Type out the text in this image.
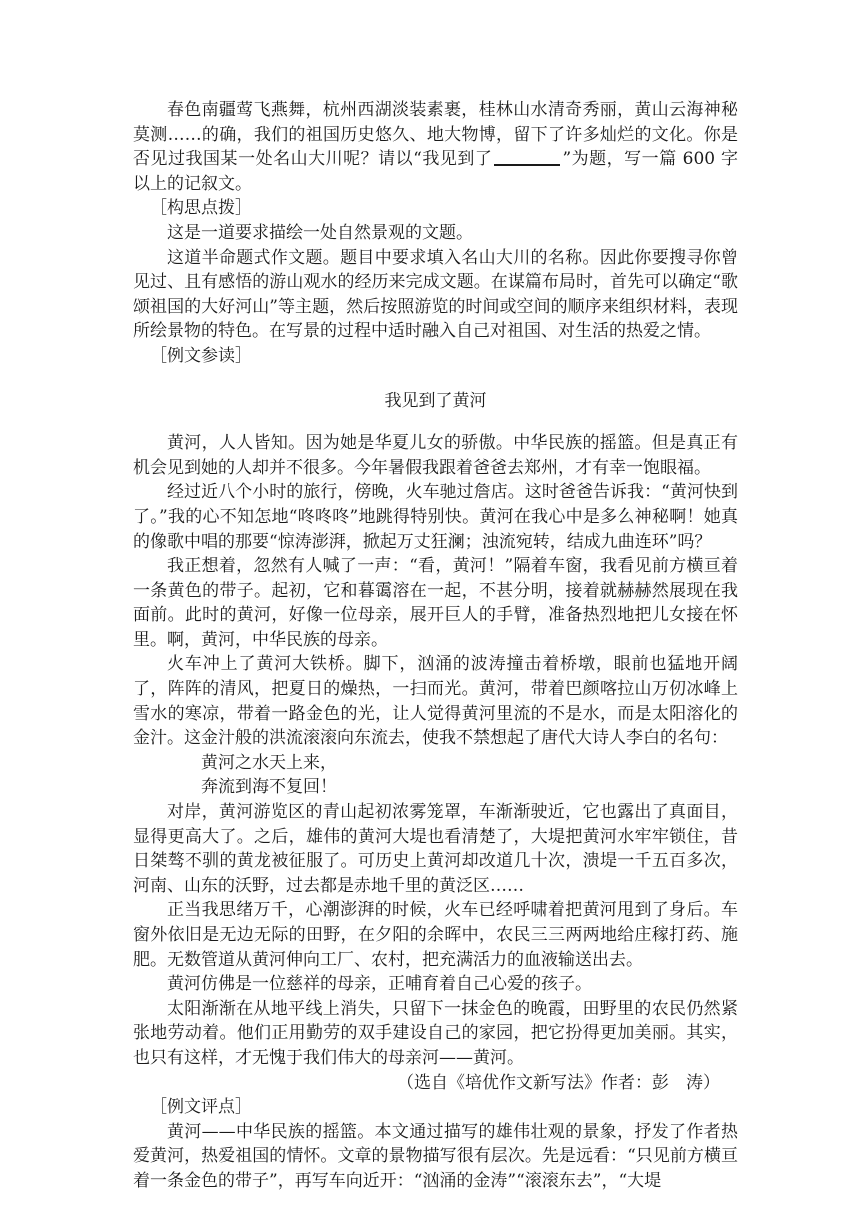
春色南疆莺飞燕舞，杭州西湖淡装素裹，桂林山水清奇秀丽，黄山云海神秘莫测……的确，我们的祖国历史悠久、地大物博，留下了许多灿烂的文化。你是否见过我国某一处名山大川呢？请以“我见到了	”为题，写一篇 600 字以上的记叙文。

［构思点拨］

这是一道要求描绘一处自然景观的文题。

这道半命题式作文题。题目中要求填入名山大川的名称。因此你要搜寻你曾见过、且有感悟的游山观水的经历来完成文题。在谋篇布局时，首先可以确定“歌颂祖国的大好河山”等主题，然后按照游览的时间或空间的顺序来组织材料，表现所绘景物的特色。在写景的过程中适时融入自己对祖国、对生活的热爱之情。

［例文参读］

我见到了黄河

黄河，人人皆知。因为她是华夏儿女的骄傲。中华民族的摇篮。但是真正有机会见到她的人却并不很多。今年暑假我跟着爸爸去郑州，才有幸一饱眼福。

经过近八个小时的旅行，傍晚，火车驰过詹店。这时爸爸告诉我：“黄河快到了。”我的心不知怎地“咚咚咚”地跳得特别快。黄河在我心中是多么神秘啊！她真的像歌中唱的那要“惊涛澎湃，掀起万丈狂澜；浊流宛转，结成九曲连环”吗？

我正想着，忽然有人喊了一声：“看，黄河！”隔着车窗，我看见前方横亘着一条黄色的带子。起初，它和暮霭溶在一起，不甚分明，接着就赫赫然展现在我面前。此时的黄河，好像一位母亲，展开巨人的手臂，准备热烈地把儿女接在怀里。啊，黄河，中华民族的母亲。

火车冲上了黄河大铁桥。脚下，汹涌的波涛撞击着桥墩，眼前也猛地开阔了，阵阵的清风，把夏日的燥热，一扫而光。黄河，带着巴颜喀拉山万仞冰峰上雪水的寒凉，带着一路金色的光，让人觉得黄河里流的不是水，而是太阳溶化的金汁。这金汁般的洪流滚滚向东流去，使我不禁想起了唐代大诗人李白的名句：

黄河之水天上来，

奔流到海不复回！

对岸，黄河游览区的青山起初浓雾笼罩，车渐渐驶近，它也露出了真面目，显得更高大了。之后，雄伟的黄河大堤也看清楚了，大堤把黄河水牢牢锁住，昔日桀骜不驯的黄龙被征服了。可历史上黄河却改道几十次，溃堤一千五百多次，河南、山东的沃野，过去都是赤地千里的黄泛区……

正当我思绪万千，心潮澎湃的时候，火车已经呼啸着把黄河甩到了身后。车窗外依旧是无边无际的田野，在夕阳的余晖中，农民三三两两地给庄稼打药、施肥。无数管道从黄河伸向工厂、农村，把充满活力的血液输送出去。

黄河仿佛是一位慈祥的母亲，正哺育着自己心爱的孩子。

太阳渐渐在从地平线上消失，只留下一抹金色的晚霞，田野里的农民仍然紧张地劳动着。他们正用勤劳的双手建设自己的家园，把它扮得更加美丽。其实，也只有这样，才无愧于我们伟大的母亲河——黄河。

（选自《培优作文新写法》作者：彭　涛）

［例文评点］

黄河——中华民族的摇篮。本文通过描写的雄伟壮观的景象，抒发了作者热爱黄河，热爱祖国的情怀。文章的景物描写很有层次。先是远看：“只见前方横亘着一条金色的带子”，再写车向近开：“汹涌的金涛”“滚滚东去”，“大堤
